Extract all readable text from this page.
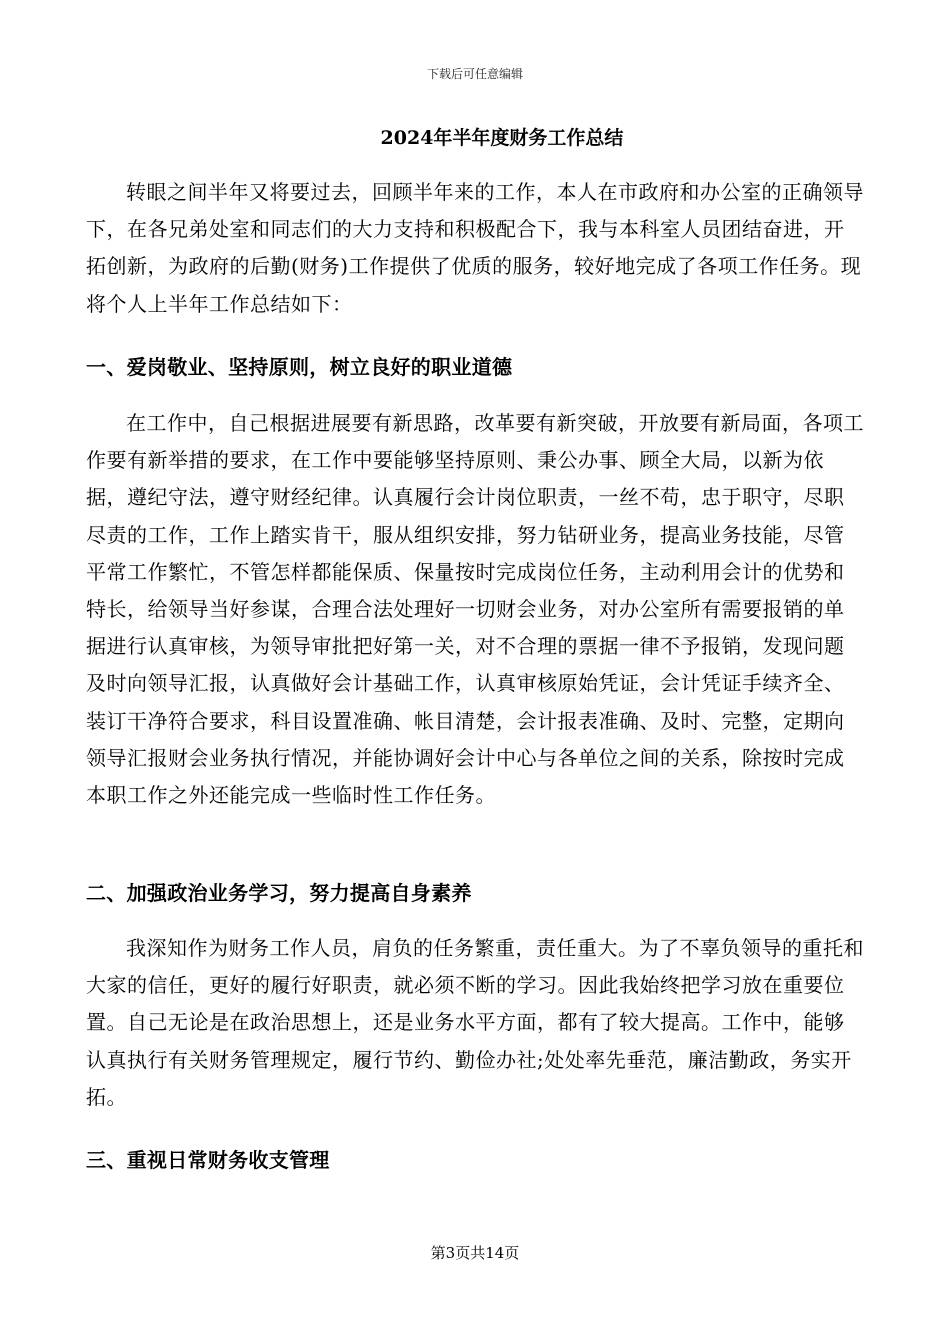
下载后可任意编辑
2024年半年度财务工作总结

转眼之间半年又将要过去，回顾半年来的工作，本人在市政府和办公室的正确领导下，在各兄弟处室和同志们的大力支持和积极配合下，我与本科室人员团结奋进，开拓创新，为政府的后勤(财务)工作提供了优质的服务，较好地完成了各项工作任务。现将个人上半年工作总结如下：

一、爱岗敬业、坚持原则，树立良好的职业道德

在工作中，自己根据进展要有新思路，改革要有新突破，开放要有新局面，各项工作要有新举措的要求，在工作中要能够坚持原则、秉公办事、顾全大局，以新为依据，遵纪守法，遵守财经纪律。认真履行会计岗位职责，一丝不苟，忠于职守，尽职尽责的工作，工作上踏实肯干，服从组织安排，努力钻研业务，提高业务技能，尽管平常工作繁忙，不管怎样都能保质、保量按时完成岗位任务，主动利用会计的优势和特长，给领导当好参谋，合理合法处理好一切财会业务，对办公室所有需要报销的单据进行认真审核，为领导审批把好第一关，对不合理的票据一律不予报销，发现问题及时向领导汇报，认真做好会计基础工作，认真审核原始凭证，会计凭证手续齐全、装订干净符合要求，科目设置准确、帐目清楚，会计报表准确、及时、完整，定期向领导汇报财会业务执行情况，并能协调好会计中心与各单位之间的关系，除按时完成本职工作之外还能完成一些临时性工作任务。

二、加强政治业务学习，努力提高自身素养

我深知作为财务工作人员，肩负的任务繁重，责任重大。为了不辜负领导的重托和大家的信任，更好的履行好职责，就必须不断的学习。因此我始终把学习放在重要位置。自己无论是在政治思想上，还是业务水平方面，都有了较大提高。工作中，能够认真执行有关财务管理规定，履行节约、勤俭办社;处处率先垂范，廉洁勤政，务实开拓。

三、重视日常财务收支管理
第3页共14页
